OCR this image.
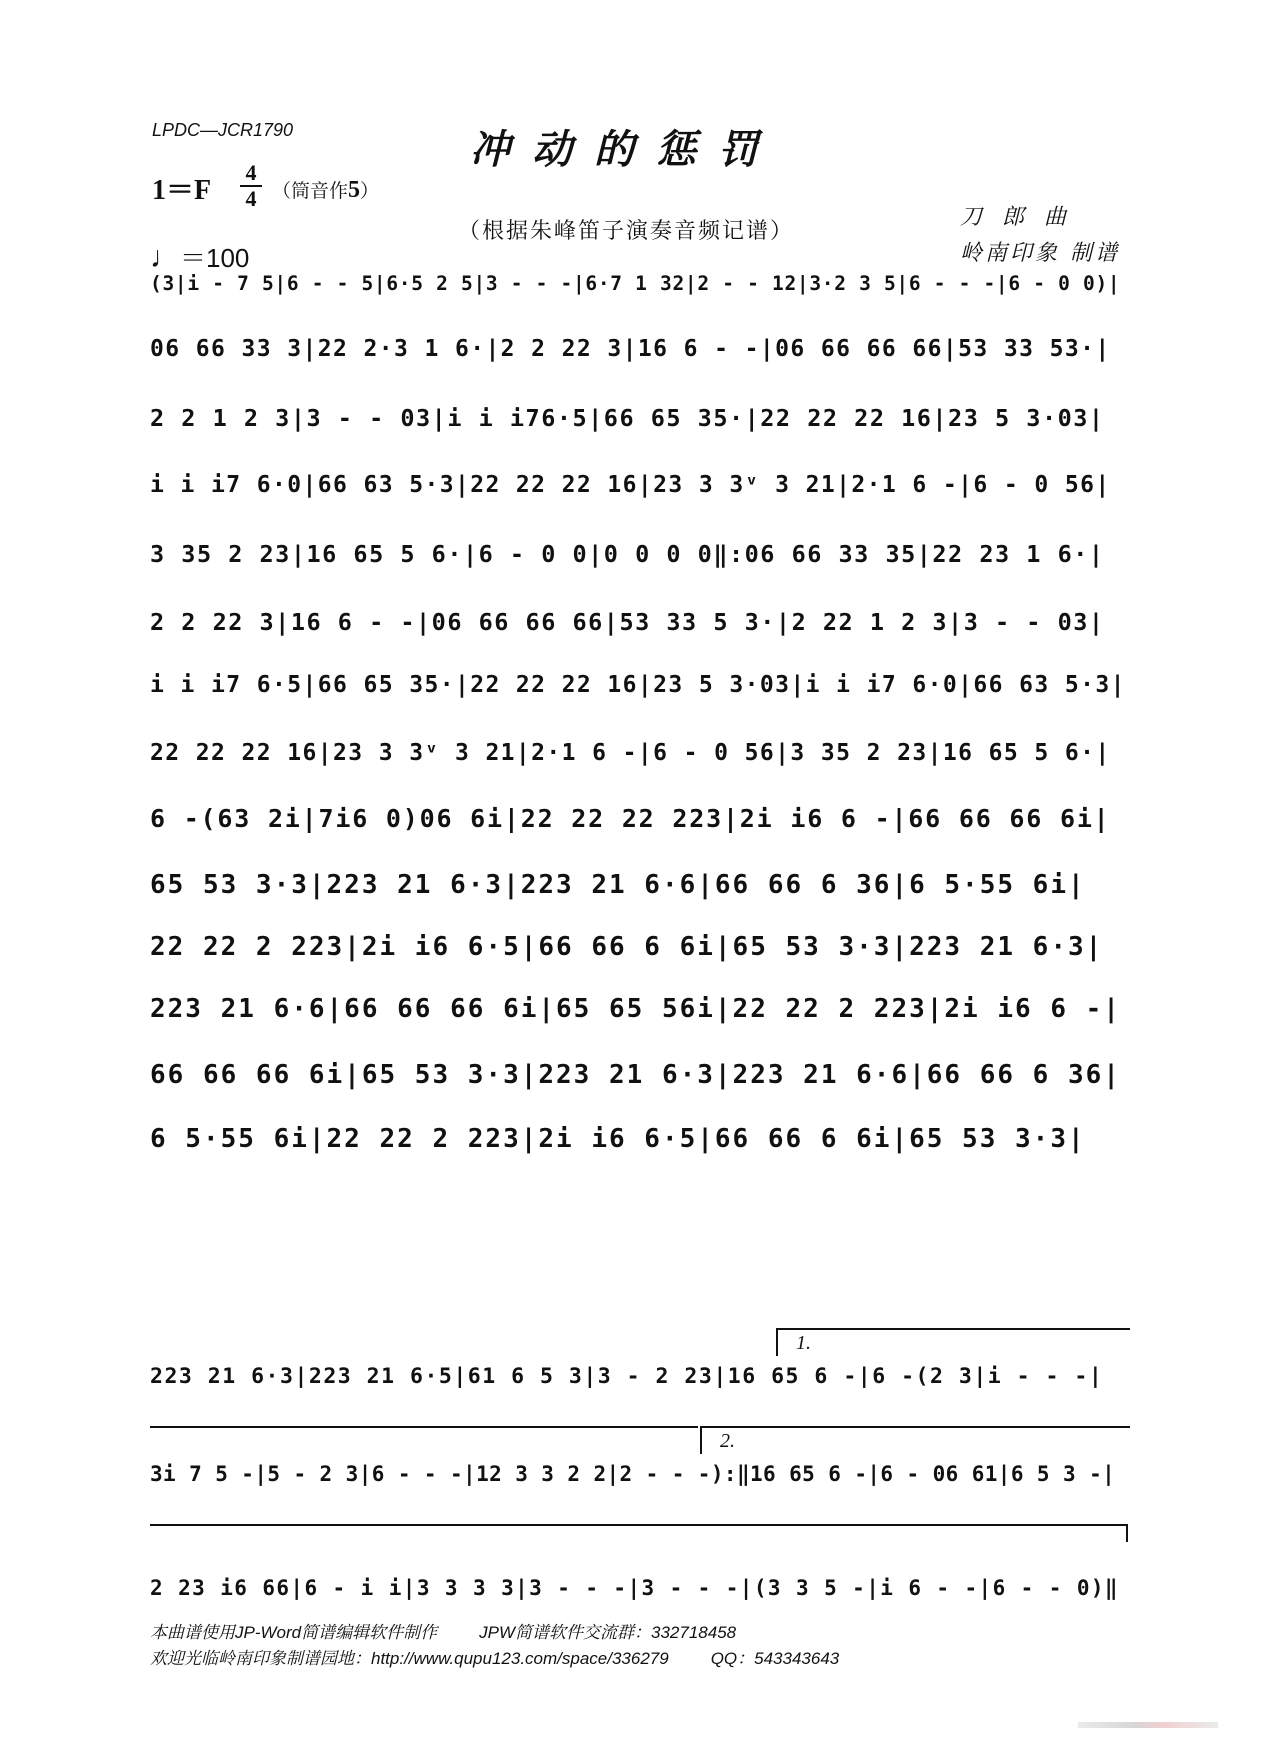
LPDC—JCR1790	冲动的惩罚
1＝F
4
4 （筒音作5）
（根据朱峰笛子演奏音频记谱）
刀郎曲
岭南印象 制谱
♩＝100
(3|i - 7 5|6 - - 5|6·5 2 5|3 - - -|6·7 1 32|2 - - 12|3·2 3 5|6 - - -|6 - 0 0)|
06 66 33 3|22 2·3 1 6·|2 2 22 3|16 6 - -|06 66 66 66|53 33 53·|
2 2 1 2 3|3 - - 03|i i i76·5|66 65 35·|22 22 22 16|23 5 3·03|
i i i7 6·0|66 63 5·3|22 22 22 16|23 3 3ᵛ 3 21|2·1 6 -|6 - 0 56|
3 35 2 23|16 65 5 6·|6 - 0 0|0 0 0 0‖:06 66 33 35|22 23 1 6·|
2 2 22 3|16 6 - -|06 66 66 66|53 33 5 3·|2 22 1 2 3|3 - - 03|
i i i7 6·5|66 65 35·|22 22 22 16|23 5 3·03|i i i7 6·0|66 63 5·3|
22 22 22 16|23 3 3ᵛ 3 21|2·1 6 -|6 - 0 56|3 35 2 23|16 65 5 6·|
6 -(63 2i|7i6 0)06 6i|22 22 22 223|2i i6 6 -|66 66 66 6i|
65 53 3·3|223 21 6·3|223 21 6·6|66 66 6 36|6 5·55 6i|
22 22 2 223|2i i6 6·5|66 66 6 6i|65 53 3·3|223 21 6·3|
223 21 6·6|66 66 66 6i|65 65 56i|22 22 2 223|2i i6 6 -|
66 66 66 6i|65 53 3·3|223 21 6·3|223 21 6·6|66 66 6 36|
6 5·55 6i|22 22 2 223|2i i6 6·5|66 66 6 6i|65 53 3·3|
1.
223 21 6·3|223 21 6·5|61 6 5 3|3 - 2 23|16 65 6 -|6 -(2 3|i - - -|
2.
3i 7 5 -|5 - 2 3|6 - - -|12 3 3 2 2|2 - - -):‖16 65 6 -|6 - 06 61|6 5 3 -|
2 23 i6 66|6 - i i|3 3 3 3|3 - - -|3 - - -|(3 3 5 -|i 6 - -|6 - - 0)‖
本曲谱使用JP-Word简谱编辑软件制作 JPW简谱软件交流群：332718458
欢迎光临岭南印象制谱园地：http://www.qupu123.com/space/336279 QQ：543343643
